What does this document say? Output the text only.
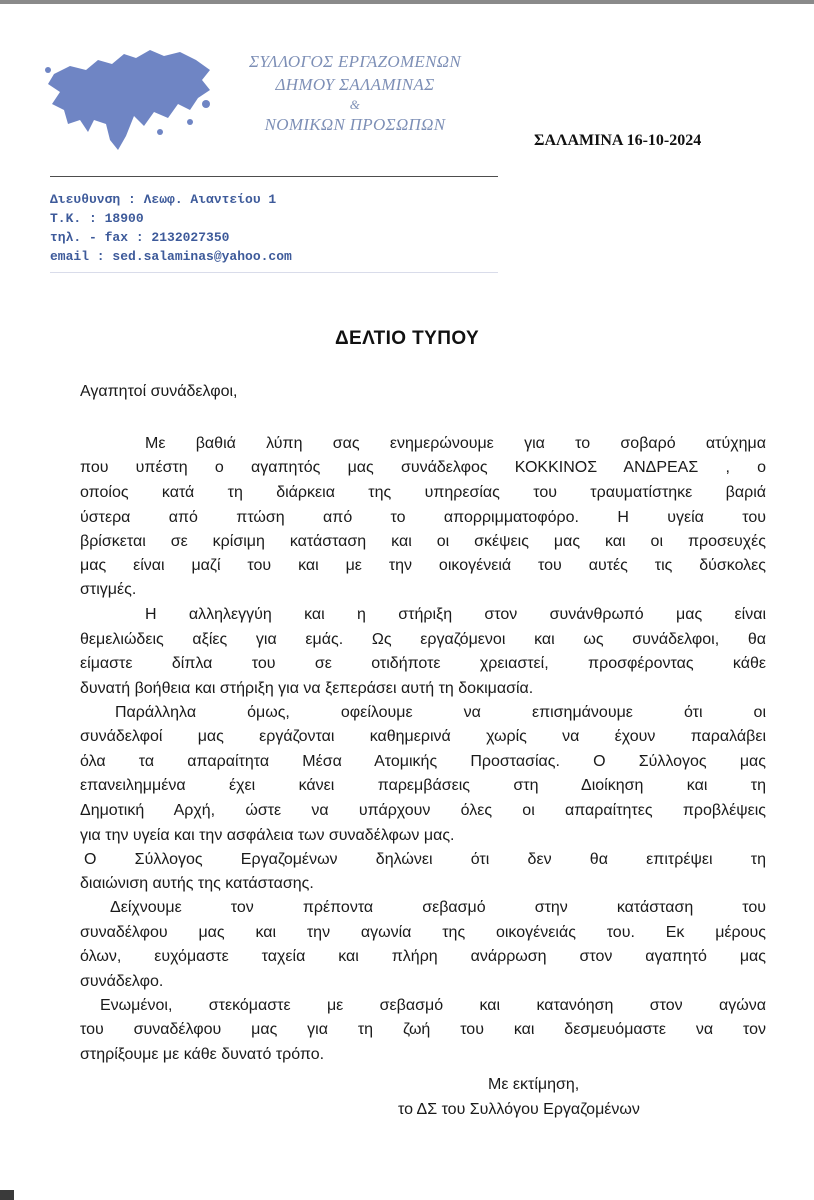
ΣΥΛΛΟΓΟΣ ΕΡΓΑΖΟΜΕΝΩΝ
ΔΗΜΟΥ ΣΑΛΑΜΙΝΑΣ
&
ΝΟΜΙΚΩΝ ΠΡΟΣΩΠΩΝ
ΣΑΛΑΜΙΝΑ 16-10-2024
Διευθυνση : Λεωφ. Αιαντείου 1
Τ.Κ. : 18900
τηλ. - fax : 2132027350
email : sed.salaminas@yahoo.com
ΔΕΛΤΙΟ ΤΥΠΟΥ
Αγαπητοί συνάδελφοι,
Με βαθιά λύπη σας ενημερώνουμε για το σοβαρό ατύχημα
που υπέστη ο αγαπητός μας συνάδελφος ΚΟΚΚΙΝΟΣ ΑΝΔΡΕΑΣ , ο
οποίος κατά τη διάρκεια της υπηρεσίας του τραυματίστηκε βαριά
ύστερα από πτώση από το απορριμματοφόρο. Η υγεία του
βρίσκεται σε κρίσιμη κατάσταση και οι σκέψεις μας και οι προσευχές
μας είναι μαζί του και με την οικογένειά του αυτές τις δύσκολες
στιγμές.
Η αλληλεγγύη και η στήριξη στον συνάνθρωπό μας είναι
θεμελιώδεις αξίες για εμάς. Ως εργαζόμενοι και ως συνάδελφοι, θα
είμαστε δίπλα του σε οτιδήποτε χρειαστεί, προσφέροντας κάθε
δυνατή βοήθεια και στήριξη για να ξεπεράσει αυτή τη δοκιμασία.
Παράλληλα όμως, οφείλουμε να επισημάνουμε ότι οι
συνάδελφοί μας εργάζονται καθημερινά χωρίς να έχουν παραλάβει
όλα τα απαραίτητα Μέσα Ατομικής Προστασίας. Ο Σύλλογος μας
επανειλημμένα έχει κάνει παρεμβάσεις στη Διοίκηση και τη
Δημοτική Αρχή, ώστε να υπάρχουν όλες οι απαραίτητες προβλέψεις
για την υγεία και την ασφάλεια των συναδέλφων μας.
Ο Σύλλογος Εργαζομένων δηλώνει ότι δεν θα επιτρέψει τη
διαιώνιση αυτής της κατάστασης.
Δείχνουμε τον πρέποντα σεβασμό στην κατάσταση του
συναδέλφου μας και την αγωνία της οικογένειάς του. Εκ μέρους
όλων, ευχόμαστε ταχεία και πλήρη ανάρρωση στον αγαπητό μας
συνάδελφο.
Ενωμένοι, στεκόμαστε με σεβασμό και κατανόηση στον αγώνα
του συναδέλφου μας για τη ζωή του και δεσμευόμαστε να τον
στηρίξουμε με κάθε δυνατό τρόπο.
Με εκτίμηση,
το ΔΣ του Συλλόγου Εργαζομένων
